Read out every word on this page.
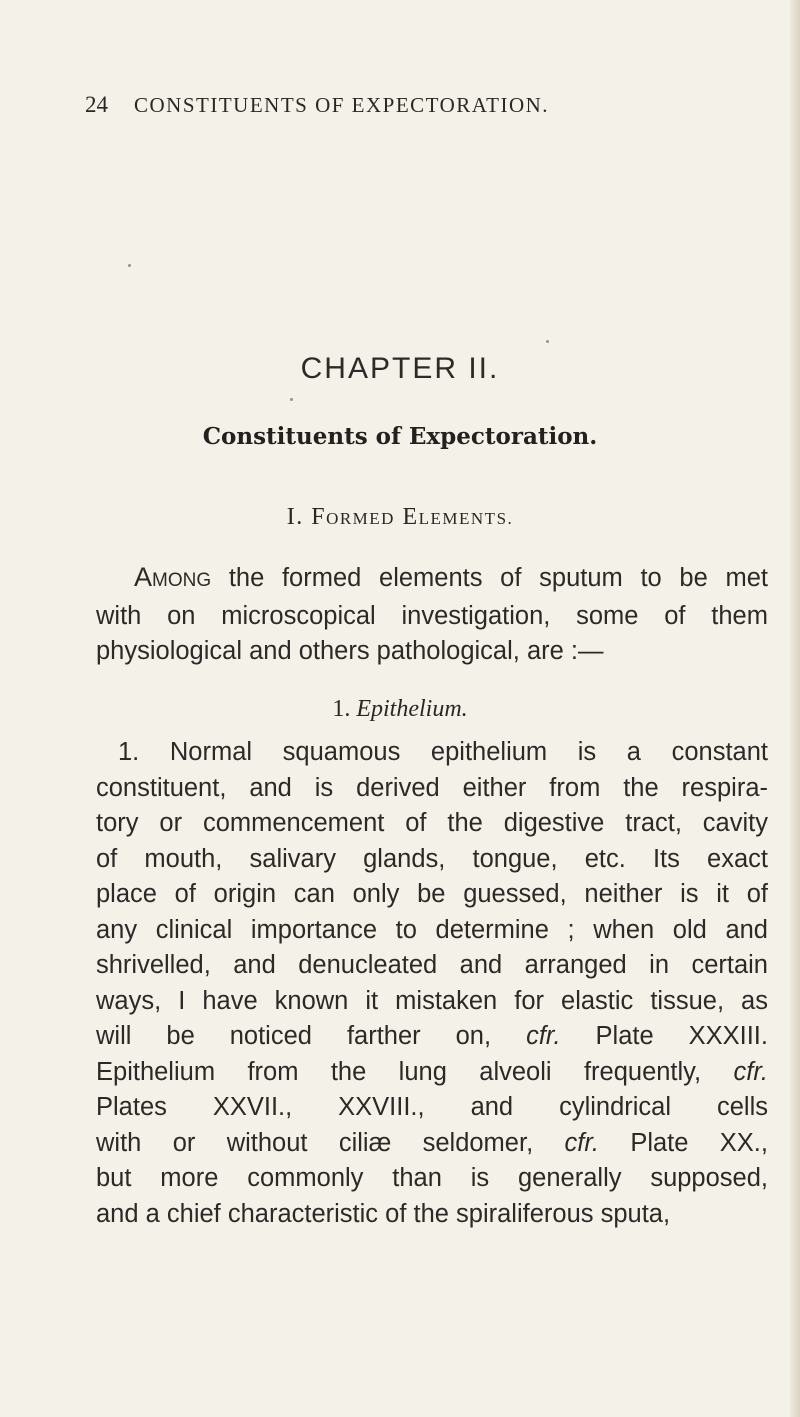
24 CONSTITUENTS OF EXPECTORATION.
CHAPTER II.
Constituents of Expectoration.
I. FORMED ELEMENTS.
AMONG the formed elements of sputum to be met
with on microscopical investigation, some of them
physiological and others pathological, are :—
1. Epithelium.
1. Normal squamous epithelium is a constant
constituent, and is derived either from the respira-
tory or commencement of the digestive tract, cavity
of mouth, salivary glands, tongue, etc. Its exact
place of origin can only be guessed, neither is it of
any clinical importance to determine ; when old and
shrivelled, and denucleated and arranged in certain
ways, I have known it mistaken for elastic tissue, as
will be noticed farther on, cfr. Plate XXXIII.
Epithelium from the lung alveoli frequently, cfr.
Plates XXVII., XXVIII., and cylindrical cells
with or without ciliæ seldomer, cfr. Plate XX.,
but more commonly than is generally supposed,
and a chief characteristic of the spiraliferous sputa,
